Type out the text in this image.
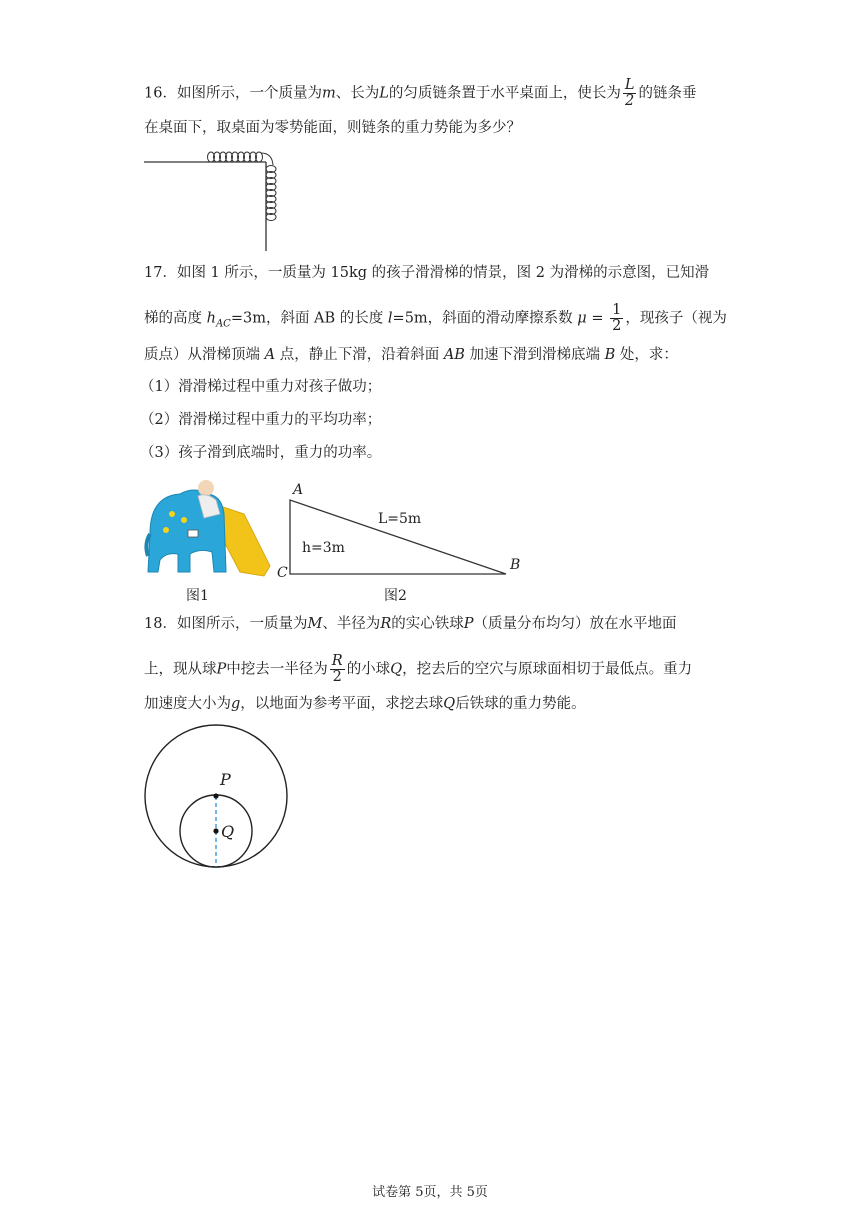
16．如图所示，一个质量为m、长为L的匀质链条置于水平桌面上，使长为 $\frac{L}{2}$ 的链条垂
在桌面下，取桌面为零势能面，则链条的重力势能为多少？
17．如图 1 所示，一质量为 15kg 的孩子滑滑梯的情景，图 2 为滑梯的示意图，已知滑
梯的高度 $h_{AC}=3m$，斜面 AB 的长度 l=5m，斜面的滑动摩擦系数 $\mu = \frac{1}{2}$ ，现孩子（视为
质点）从滑梯顶端 A 点，静止下滑，沿着斜面 AB 加速下滑到滑梯底端 B 处，求：
（1）滑滑梯过程中重力对孩子做功；
（2）滑滑梯过程中重力的平均功率；
（3）孩子滑到底端时，重力的功率。
图1
A
B
C
h=3m
L=5m
图2
18．如图所示，一质量为M、半径为R的实心铁球P（质量分布均匀）放在水平地面
上，现从球P中挖去一半径为 $\frac{R}{2}$ 的小球Q，挖去后的空穴与原球面相切于最低点。重力
加速度大小为g，以地面为参考平面，求挖去球Q后铁球的重力势能。
P
Q
试卷第 5页，共 5页
